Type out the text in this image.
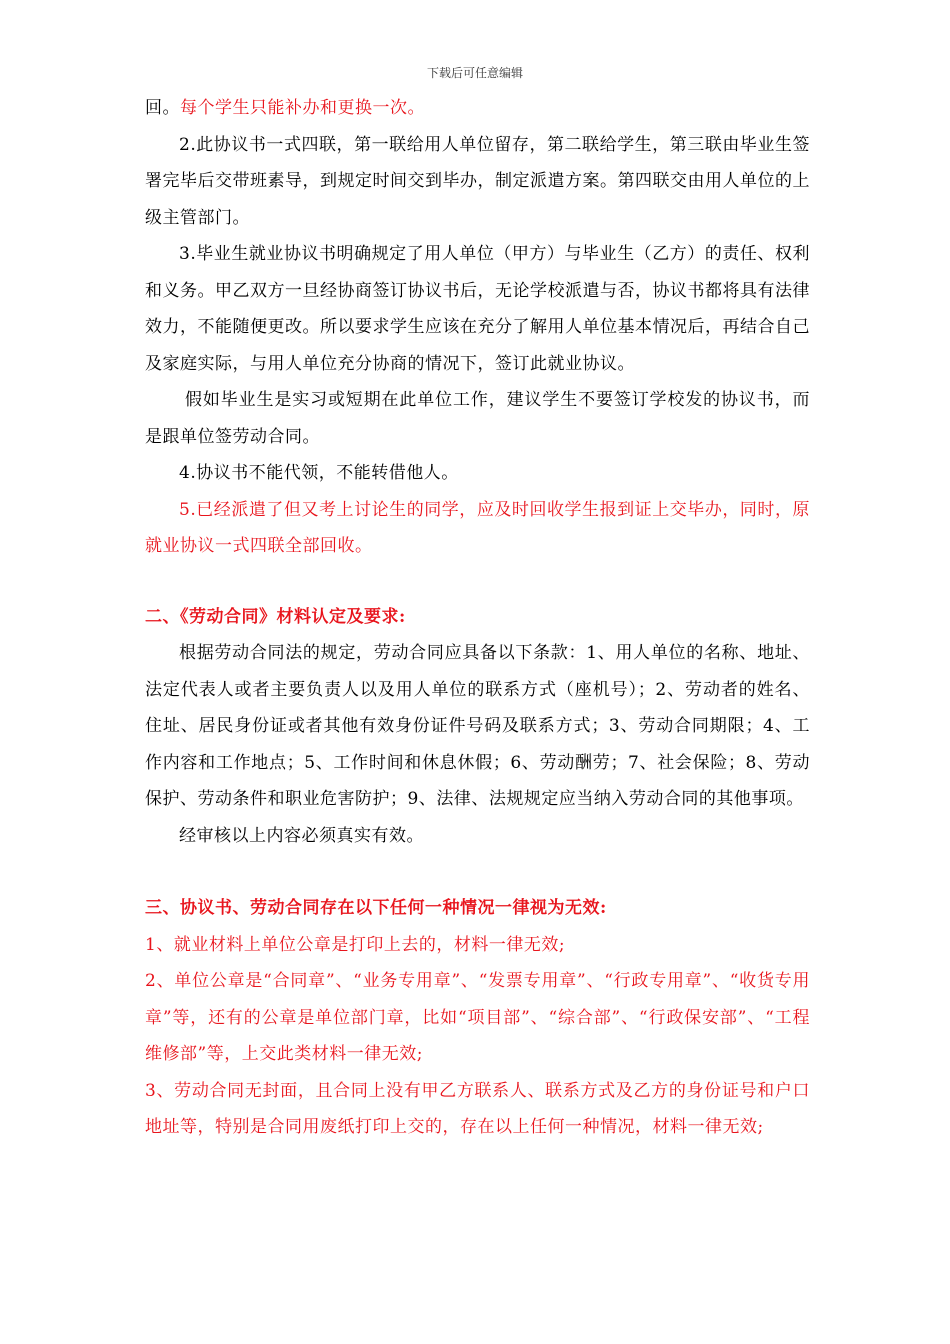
下载后可任意编辑

回。每个学生只能补办和更换一次。

2.此协议书一式四联，第一联给用人单位留存，第二联给学生，第三联由毕业生签署完毕后交带班素导，到规定时间交到毕办，制定派遣方案。第四联交由用人单位的上级主管部门。

3.毕业生就业协议书明确规定了用人单位（甲方）与毕业生（乙方）的责任、权利和义务。甲乙双方一旦经协商签订协议书后，无论学校派遣与否，协议书都将具有法律效力，不能随便更改。所以要求学生应该在充分了解用人单位基本情况后，再结合自己及家庭实际，与用人单位充分协商的情况下，签订此就业协议。

假如毕业生是实习或短期在此单位工作，建议学生不要签订学校发的协议书，而是跟单位签劳动合同。

4.协议书不能代领，不能转借他人。

5.已经派遣了但又考上讨论生的同学，应及时回收学生报到证上交毕办，同时，原就业协议一式四联全部回收。

二、《劳动合同》材料认定及要求:

根据劳动合同法的规定，劳动合同应具备以下条款：1、用人单位的名称、地址、法定代表人或者主要负责人以及用人单位的联系方式（座机号）；2、劳动者的姓名、住址、居民身份证或者其他有效身份证件号码及联系方式；3、劳动合同期限；4、工作内容和工作地点；5、工作时间和休息休假；6、劳动酬劳；7、社会保险；8、劳动保护、劳动条件和职业危害防护；9、法律、法规规定应当纳入劳动合同的其他事项。

经审核以上内容必须真实有效。

三、协议书、劳动合同存在以下任何一种情况一律视为无效:

1、就业材料上单位公章是打印上去的，材料一律无效;

2、单位公章是“合同章”、“业务专用章”、“发票专用章”、“行政专用章”、“收货专用章”等，还有的公章是单位部门章，比如“项目部”、“综合部”、“行政保安部”、“工程维修部”等，上交此类材料一律无效;

3、劳动合同无封面，且合同上没有甲乙方联系人、联系方式及乙方的身份证号和户口地址等，特别是合同用废纸打印上交的，存在以上任何一种情况，材料一律无效;
